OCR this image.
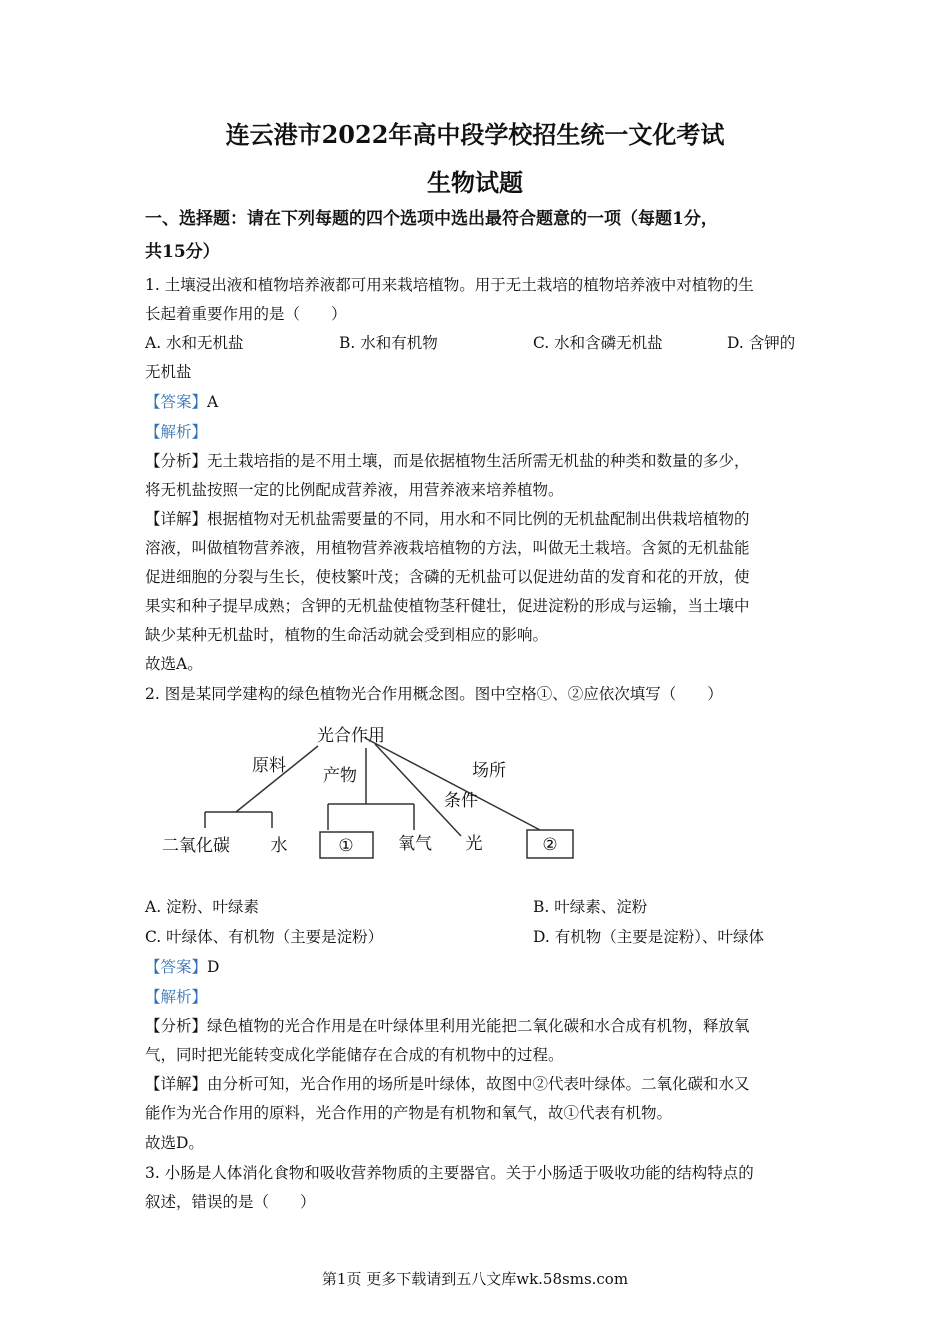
连云港市2022年高中段学校招生统一文化考试
生物试题
一、选择题：请在下列每题的四个选项中选出最符合题意的一项（每题1分，
共15分）
1. 土壤浸出液和植物培养液都可用来栽培植物。用于无土栽培的植物培养液中对植物的生
长起着重要作用的是（　　）
A. 水和无机盐	B. 水和有机物	C. 水和含磷无机盐	D. 含钾的
无机盐
【答案】A
【解析】
【分析】无土栽培指的是不用土壤，而是依据植物生活所需无机盐的种类和数量的多少，
将无机盐按照一定的比例配成营养液，用营养液来培养植物。
【详解】根据植物对无机盐需要量的不同，用水和不同比例的无机盐配制出供栽培植物的
溶液，叫做植物营养液，用植物营养液栽培植物的方法，叫做无土栽培。含氮的无机盐能
促进细胞的分裂与生长，使枝繁叶茂；含磷的无机盐可以促进幼苗的发育和花的开放，使
果实和种子提早成熟；含钾的无机盐使植物茎秆健壮，促进淀粉的形成与运输，当土壤中
缺少某种无机盐时，植物的生命活动就会受到相应的影响。
故选A。
2. 图是某同学建构的绿色植物光合作用概念图。图中空格①、②应依次填写（　　）
光合作用
原料 产物
条件
场所
二氧化碳 水	①	氧气 光	②
A. 淀粉、叶绿素	B. 叶绿素、淀粉
C. 叶绿体、有机物（主要是淀粉）	D. 有机物（主要是淀粉）、叶绿体
【答案】D
【解析】
【分析】绿色植物的光合作用是在叶绿体里利用光能把二氧化碳和水合成有机物，释放氧
气，同时把光能转变成化学能储存在合成的有机物中的过程。
【详解】由分析可知，光合作用的场所是叶绿体，故图中②代表叶绿体。二氧化碳和水又
能作为光合作用的原料，光合作用的产物是有机物和氧气，故①代表有机物。
故选D。
3. 小肠是人体消化食物和吸收营养物质的主要器官。关于小肠适于吸收功能的结构特点的
叙述，错误的是（　　）
第1页 更多下载请到五八文库wk.58sms.com
